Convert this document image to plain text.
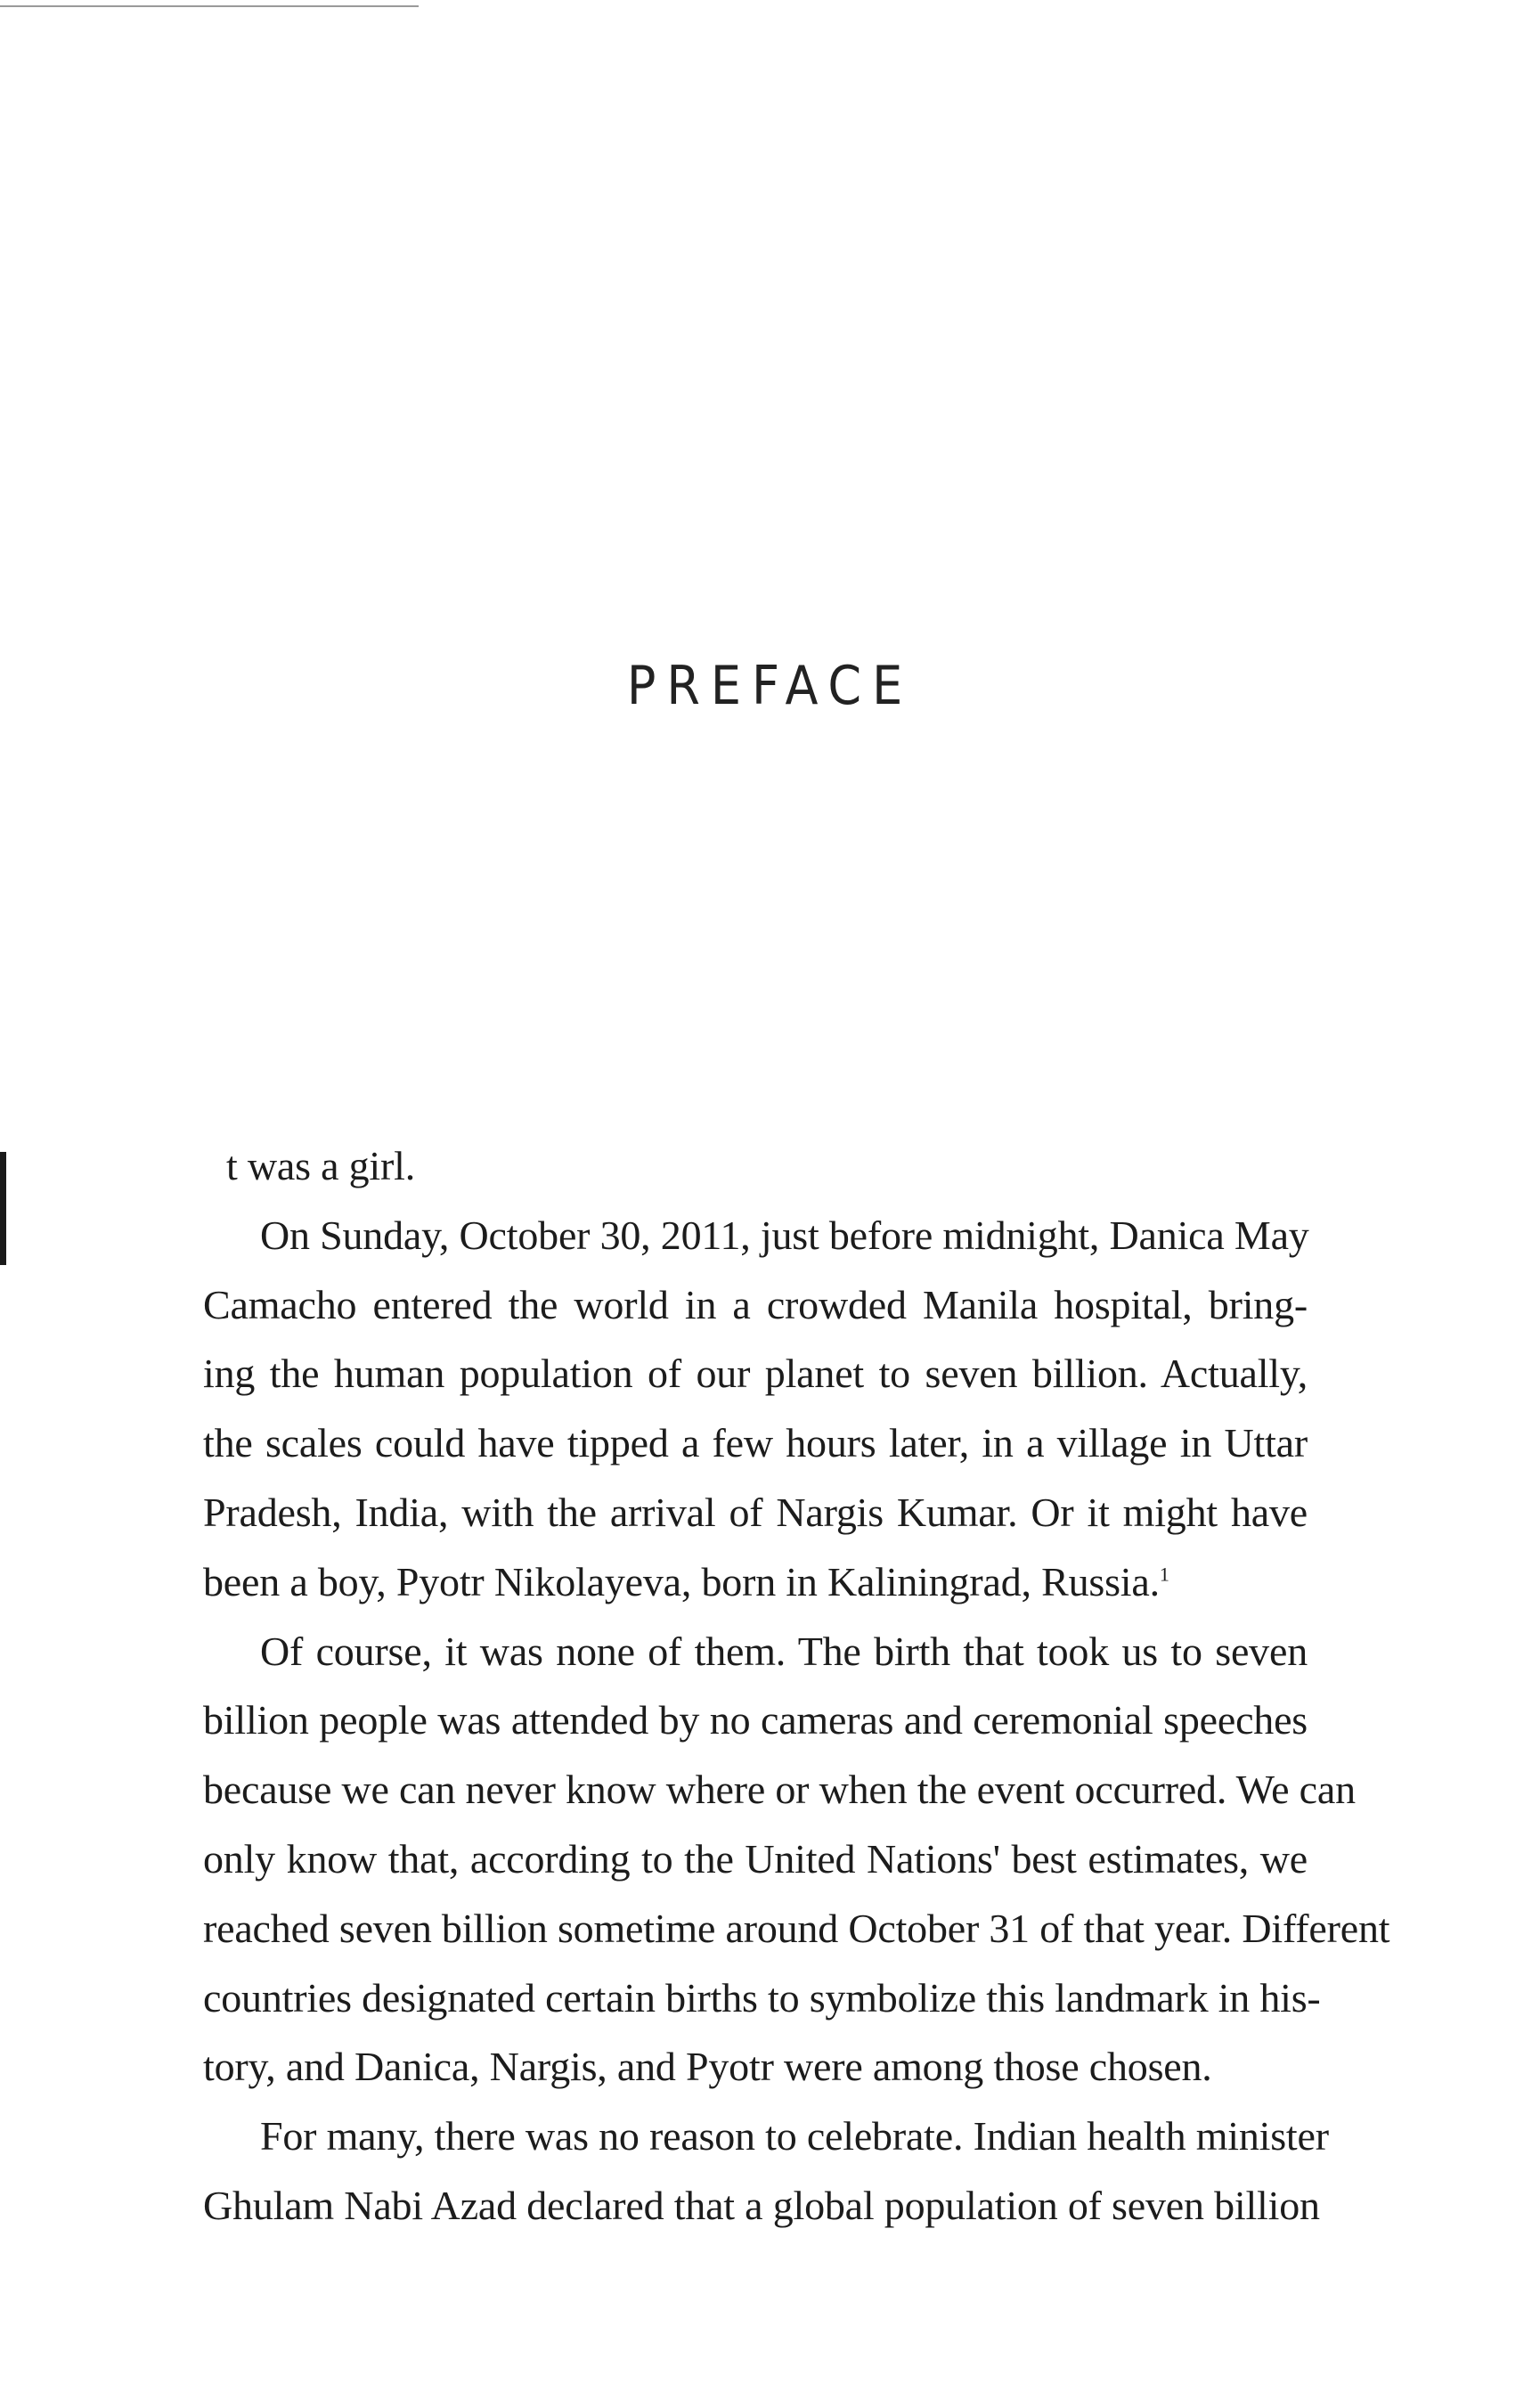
PREFACE
t was a girl.
On Sunday, October 30, 2011, just before midnight, Danica May
Camacho entered the world in a crowded Manila hospital, bring-
ing the human population of our planet to seven billion. Actually,
the scales could have tipped a few hours later, in a village in Uttar
Pradesh, India, with the arrival of Nargis Kumar. Or it might have
been a boy, Pyotr Nikolayeva, born in Kaliningrad, Russia.$^1$
Of course, it was none of them. The birth that took us to seven
billion people was attended by no cameras and ceremonial speeches
because we can never know where or when the event occurred. We can
only know that, according to the United Nations' best estimates, we
reached seven billion sometime around October 31 of that year. Different
countries designated certain births to symbolize this landmark in his-
tory, and Danica, Nargis, and Pyotr were among those chosen.
For many, there was no reason to celebrate. Indian health minister
Ghulam Nabi Azad declared that a global population of seven billion
